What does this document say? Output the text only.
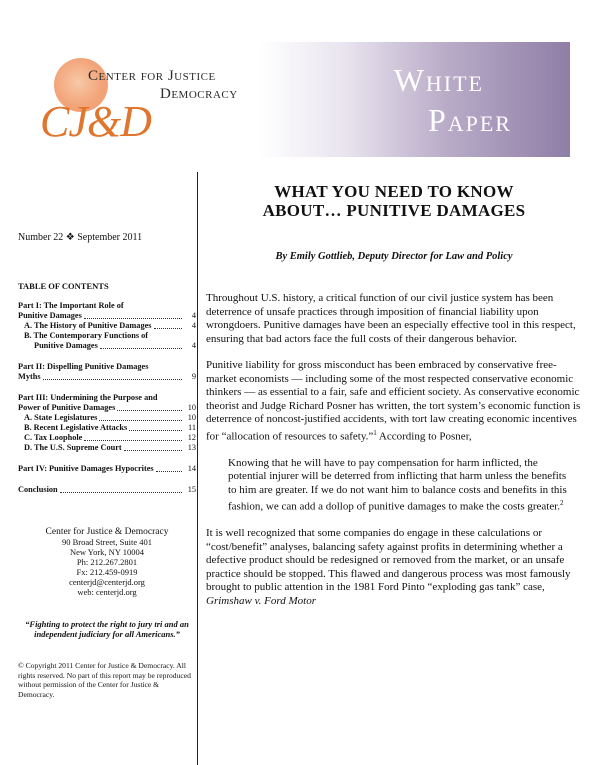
Center for Justice
Democracy
CJ&D
White
Paper

Number 22 ❖ September 2011

TABLE OF CONTENTS
Part I: The Important Role of
Punitive Damages	4
A. The History of Punitive Damages	4
B. The Contemporary Functions of
Punitive Damages	4
Part II: Dispelling Punitive Damages
Myths	9
Part III: Undermining the Purpose and
Power of Punitive Damages	10
A. State Legislatures	10
B. Recent Legislative Attacks	11
C. Tax Loophole	12
D. The U.S. Supreme Court	13
Part IV: Punitive Damages Hypocrites	14
Conclusion	15
Center for Justice & Democracy
90 Broad Street, Suite 401
New York, NY 10004
Ph: 212.267.2801
Fx: 212.459-0919
centerjd@centerjd.org
web: centerjd.org
“Fighting to protect the right to jury tri and an independent judiciary for all Americans.”
© Copyright 2011 Center for Justice & Democracy. All rights reserved. No part of this report may be reproduced without permission of the Center for Justice & Democracy.
WHAT YOU NEED TO KNOW
ABOUT… PUNITIVE DAMAGES
By Emily Gottlieb, Deputy Director for Law and Policy

Throughout U.S. history, a critical function of our civil justice system has been deterrence of unsafe practices through imposition of financial liability upon wrongdoers. Punitive damages have been an especially effective tool in this respect, ensuring that bad actors face the full costs of their dangerous behavior.

Punitive liability for gross misconduct has been embraced by conservative free-market economists — including some of the most respected conservative economic thinkers — as essential to a fair, safe and efficient society. As conservative economic theorist and Judge Richard Posner has written, the tort system’s economic function is deterrence of noncost-justified accidents, with tort law creating economic incentives for “allocation of resources to safety.”$^1$ According to Posner,

Knowing that he will have to pay compensation for harm inflicted, the potential injurer will be deterred from inflicting that harm unless the benefits to him are greater. If we do not want him to balance costs and benefits in this fashion, we can add a dollop of punitive damages to make the costs greater.$^2$

It is well recognized that some companies do engage in these calculations or “cost/benefit” analyses, balancing safety against profits in determining whether a defective product should be redesigned or removed from the market, or an unsafe practice should be stopped. This flawed and dangerous process was most famously brought to public attention in the 1981 Ford Pinto “exploding gas tank” case, Grimshaw v. Ford Motor
